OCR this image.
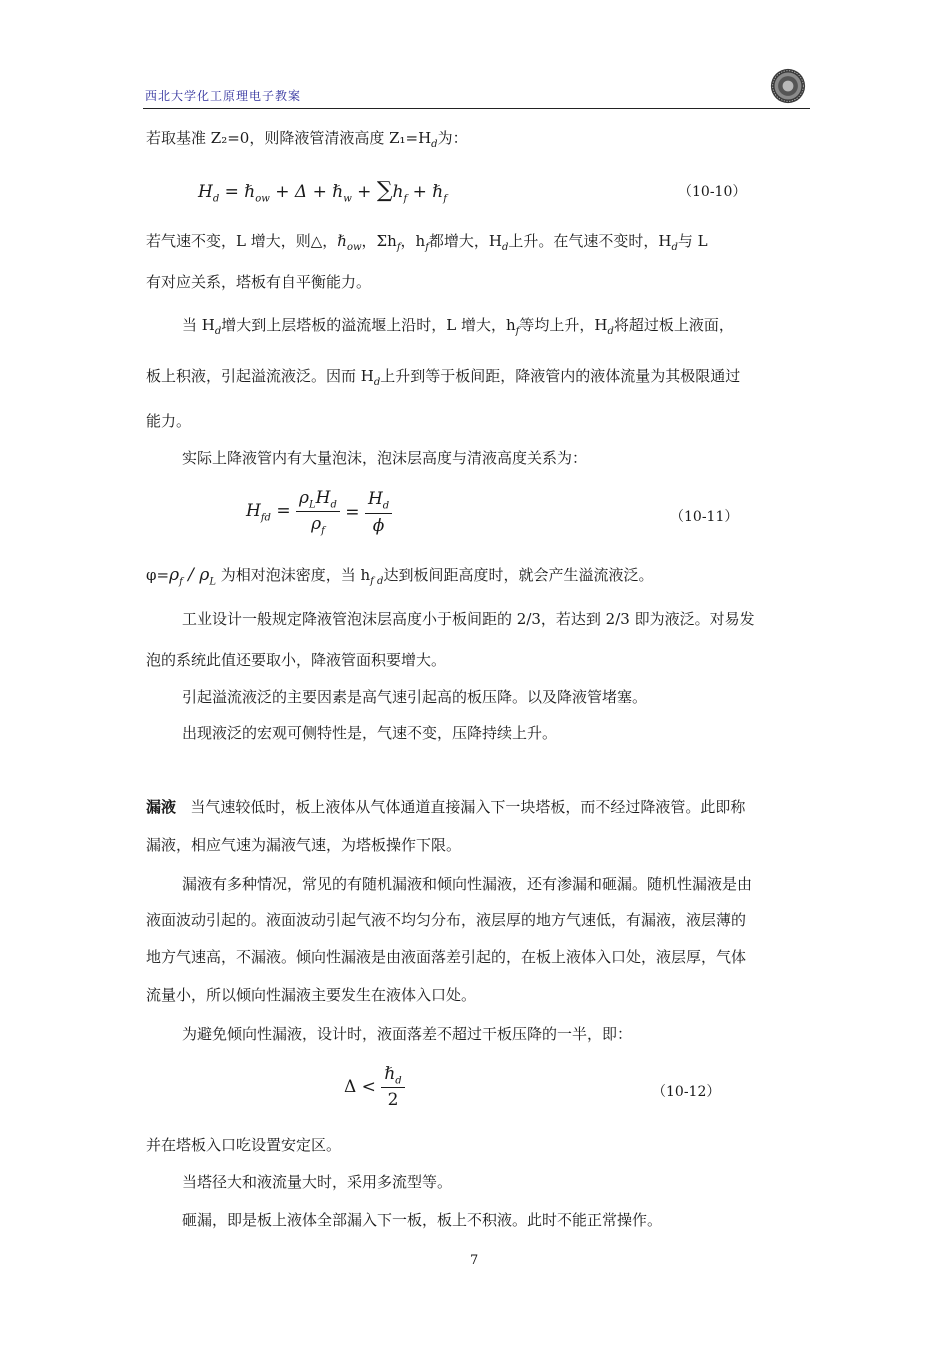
西北大学化工原理电子教案
若取基准 Z₂=0，则降液管清液高度 $Z_1=H_d$为：
$H_d$ = ℏ$_{ow}$ + Δ + ℏ$_w$ + $\sum h_f$ + ℏ$_f$	（10-10）
若气速不变，L 增大，则△，ℏ$_{ow}$，$\Sigma h_f$，$h_f$都增大，$H_d$上升。在气速不变时，$H_d$与 L
有对应关系，塔板有自平衡能力。
当 $H_d$增大到上层塔板的溢流堰上沿时，L 增大，$h_f$等均上升，$H_d$将超过板上液面，
板上积液，引起溢流液泛。因而 $H_d$上升到等于板间距，降液管内的液体流量为其极限通过
能力。
实际上降液管内有大量泡沫，泡沫层高度与清液高度关系为：
$H_{fd} = \frac{\rho_LH_d}{\rho_f} = \frac{H_d}{\phi}$	（10-11）
$\varphi=\rho_f / \rho_L$ 为相对泡沫密度，当 $h_{f d}$达到板间距高度时，就会产生溢流液泛。
工业设计一般规定降液管泡沫层高度小于板间距的 2/3，若达到 2/3 即为液泛。对易发
泡的系统此值还要取小，降液管面积要增大。
引起溢流液泛的主要因素是高气速引起高的板压降。以及降液管堵塞。
出现液泛的宏观可侧特性是，气速不变，压降持续上升。
漏液 当气速较低时，板上液体从气体通道直接漏入下一块塔板，而不经过降液管。此即称
漏液，相应气速为漏液气速，为塔板操作下限。
漏液有多种情况，常见的有随机漏液和倾向性漏液，还有渗漏和砸漏。随机性漏液是由
液面波动引起的。液面波动引起气液不均匀分布，液层厚的地方气速低，有漏液，液层薄的
地方气速高，不漏液。倾向性漏液是由液面落差引起的，在板上液体入口处，液层厚，气体
流量小，所以倾向性漏液主要发生在液体入口处。
为避免倾向性漏液，设计时，液面落差不超过干板压降的一半，即：
$\Delta < \frac{\hbar_d}{2}$	（10-12）
并在塔板入口吃设置安定区。
当塔径大和液流量大时，采用多流型等。
砸漏，即是板上液体全部漏入下一板，板上不积液。此时不能正常操作。
7
